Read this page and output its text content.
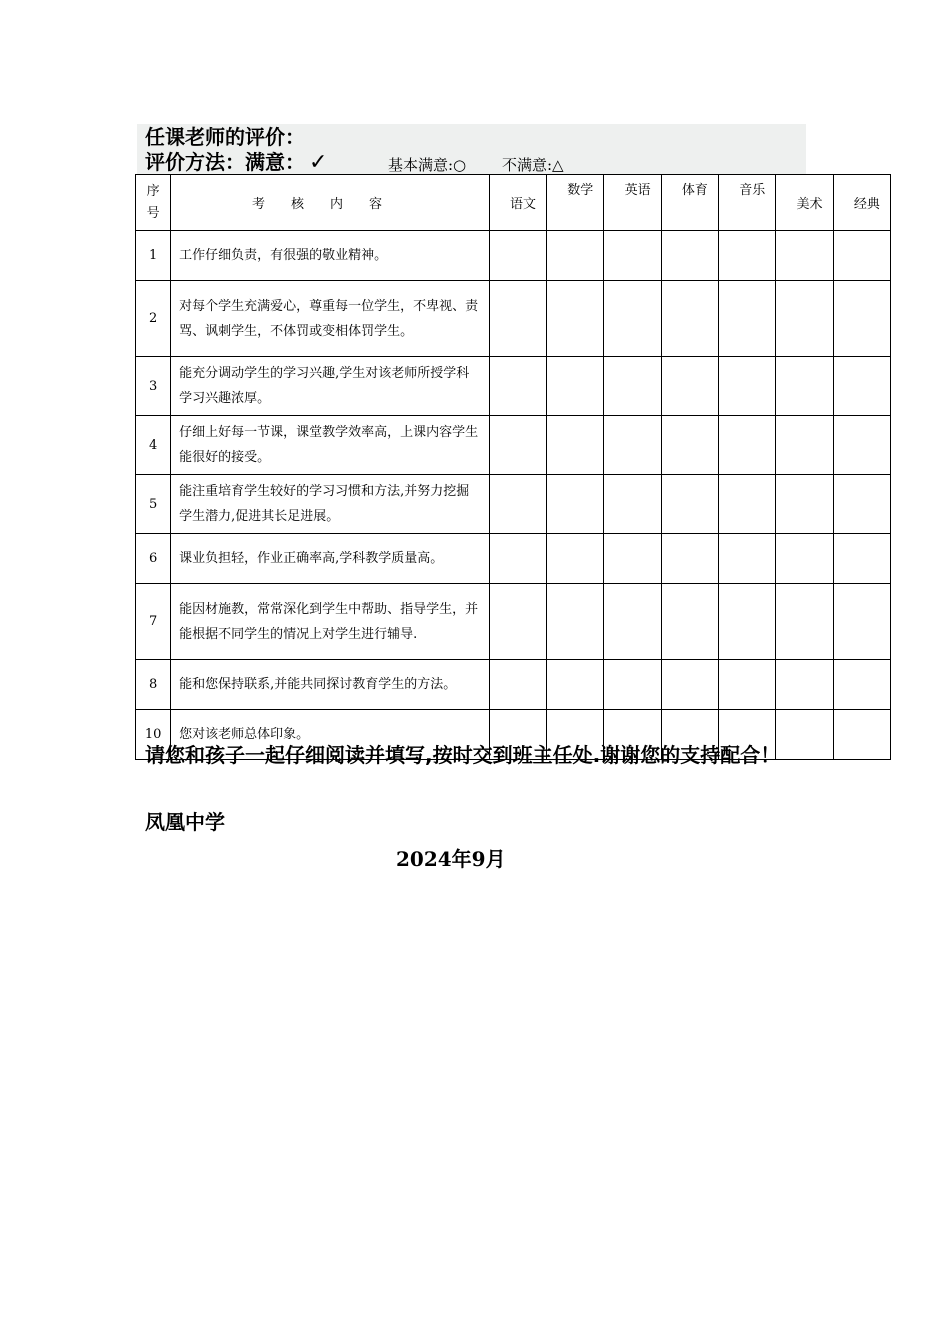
任课老师的评价：
评价方法：满意： ✓	基本满意:○ 不满意:△
序号	考核内容	语文	数学	英语	体育	音乐	美术	经典
1	工作仔细负责，有很强的敬业精神。							
2	对每个学生充满爱心，尊重每一位学生，不卑视、责骂、讽刺学生，不体罚或变相体罚学生。							
3	能充分调动学生的学习兴趣,学生对该老师所授学科学习兴趣浓厚。							
4	仔细上好每一节课，课堂教学效率高，上课内容学生能很好的接受。							
5	能注重培育学生较好的学习习惯和方法,并努力挖掘学生潜力,促进其长足进展。							
6	课业负担轻，作业正确率高,学科教学质量高。							
7	能因材施教，常常深化到学生中帮助、指导学生，并能根据不同学生的情况上对学生进行辅导.							
8	能和您保持联系,并能共同探讨教育学生的方法。							
10	您对该老师总体印象。							
请您和孩子一起仔细阅读并填写,按时交到班主任处.谢谢您的支持配合！
凤凰中学
2024年9月
